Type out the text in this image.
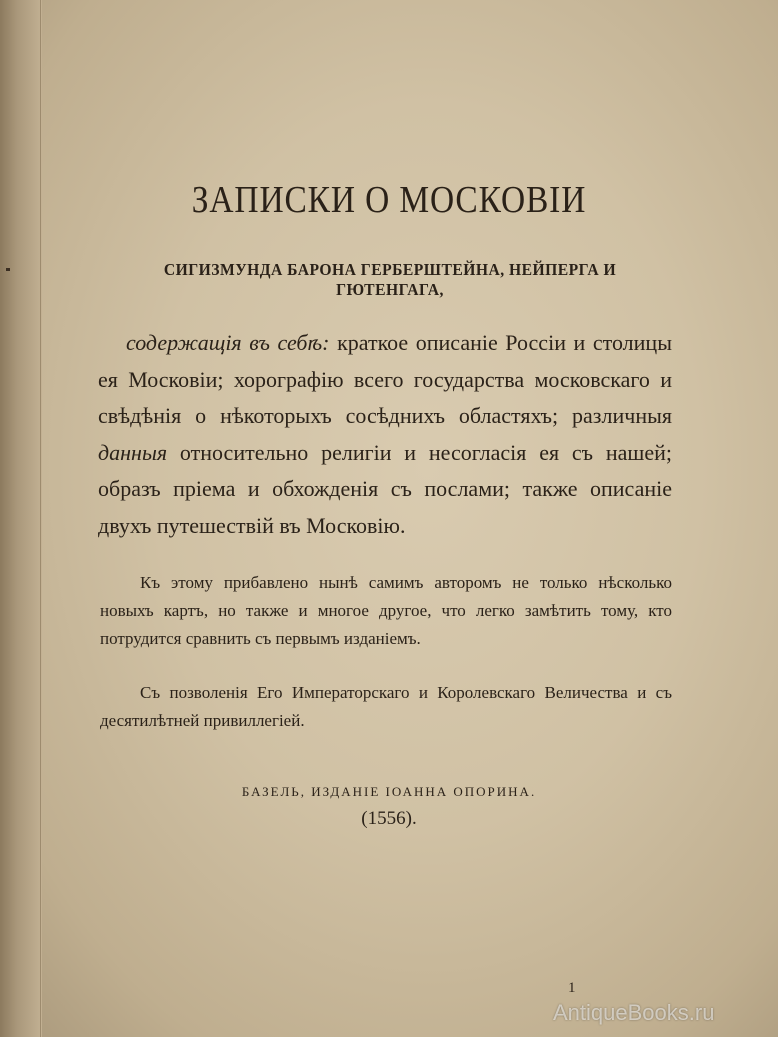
ЗАПИСКИ О МОСКОВІИ
СИГИЗМУНДА БАРОНА ГЕРБЕРШТЕЙНА, НЕЙПЕРГА И ГЮТЕНГАГА,
содержащія въ себѣ: краткое описаніе Россіи и столицы ея Московіи; хорографію всего государства московскаго и свѣдѣнія о нѣкоторыхъ сосѣднихъ областяхъ; различныя данныя относительно религіи и несогласія ея съ нашей; образъ пріема и обхожденія съ послами; также описаніе двухъ путешествій въ Московію.
Къ этому прибавлено нынѣ самимъ авторомъ не только нѣсколько новыхъ картъ, но также и многое другое, что легко замѣтить тому, кто потрудится сравнить съ первымъ изданіемъ.
Съ позволенія Его Императорскаго и Королевскаго Величества и съ десятилѣтней привиллегіей.
БАЗЕЛЬ, ИЗДАНІЕ ІОАННА ОПОРИНА.
(1556).
1
AntiqueBooks.ru
